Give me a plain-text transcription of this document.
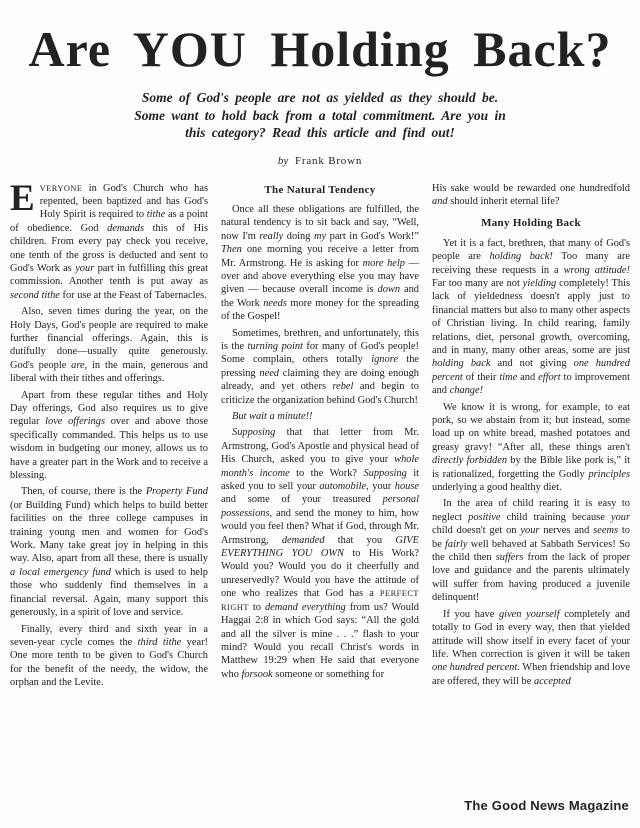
Are YOU Holding Back?
Some of God's people are not as yielded as they should be.
Some want to hold back from a total commitment. Are you in
this category? Read this article and find out!
by Frank Brown

EVERYONE in God's Church who has repented, been baptized and has God's Holy Spirit is required to tithe as a point of obedience. God demands this of His children. From every pay check you receive, one tenth of the gross is deducted and sent to God's Work as your part in fulfilling this great commission. Another tenth is put away as second tithe for use at the Feast of Tabernacles.

Also, seven times during the year, on the Holy Days, God's people are required to make further financial offerings. Again, this is dutifully done—usually quite generously. God's people are, in the main, generous and liberal with their tithes and offerings.

Apart from these regular tithes and Holy Day offerings, God also requires us to give regular love offerings over and above those specifically commanded. This helps us to use wisdom in budgeting our money, allows us to have a greater part in the Work and to receive a blessing.

Then, of course, there is the Property Fund (or Building Fund) which helps to build better facilities on the three college campuses in training young men and women for God's Work. Many take great joy in helping in this way. Also, apart from all these, there is usually a local emergency fund which is used to help those who suddenly find themselves in a financial reversal. Again, many support this generously, in a spirit of love and service.

Finally, every third and sixth year in a seven-year cycle comes the third tithe year! One more tenth to be given to God's Church for the benefit of the needy, the widow, the orphan and the Levite.

The Natural Tendency

Once all these obligations are fulfilled, the natural tendency is to sit back and say, “Well, now I'm really doing my part in God's Work!” Then one morning you receive a letter from Mr. Armstrong. He is asking for more help — over and above everything else you may have given — because overall income is down and the Work needs more money for the spreading of the Gospel!

Sometimes, brethren, and unfortunately, this is the turning point for many of God's people! Some complain, others totally ignore the pressing need claiming they are doing enough already, and yet others rebel and begin to criticize the organization behind God's Church!

But wait a minute!!

Supposing that that letter from Mr. Armstrong, God's Apostle and physical head of His Church, asked you to give your whole month's income to the Work? Supposing it asked you to sell your automobile, your house and some of your treasured personal possessions, and send the money to him, how would you feel then? What if God, through Mr. Armstrong, demanded that you GIVE EVERYTHING YOU OWN to His Work? Would you? Would you do it cheerfully and unreservedly? Would you have the attitude of one who realizes that God has a PERFECT RIGHT to demand everything from us? Would Haggai 2:8 in which God says: “All the gold and all the silver is mine . . .” flash to your mind? Would you recall Christ's words in Matthew 19:29 when He said that everyone who forsook someone or something for

His sake would be rewarded one hundredfold and should inherit eternal life?

Many Holding Back

Yet it is a fact, brethren, that many of God's people are holding back! Too many are receiving these requests in a wrong attitude! Far too many are not yielding completely! This lack of yieldedness doesn't apply just to financial matters but also to many other aspects of Christian living. In child rearing, family relations, diet, personal growth, overcoming, and in many, many other areas, some are just holding back and not giving one hundred percent of their time and effort to improvement and change!

We know it is wrong, for example, to eat pork, so we abstain from it; but instead, some load up on white bread, mashed potatoes and greasy gravy! “After all, these things aren't directly forbidden by the Bible like pork is,” it is rationalized, forgetting the Godly principles underlying a good healthy diet.

In the area of child rearing it is easy to neglect positive child training because your child doesn't get on your nerves and seems to be fairly well behaved at Sabbath Services! So the child then suffers from the lack of proper love and guidance and the parents ultimately will suffer from having produced a juvenile delinquent!

If you have given yourself completely and totally to God in every way, then that yielded attitude will show itself in every facet of your life. When correction is given it will be taken one hundred percent. When friendship and love are offered, they will be accepted

The Good News Magazine
